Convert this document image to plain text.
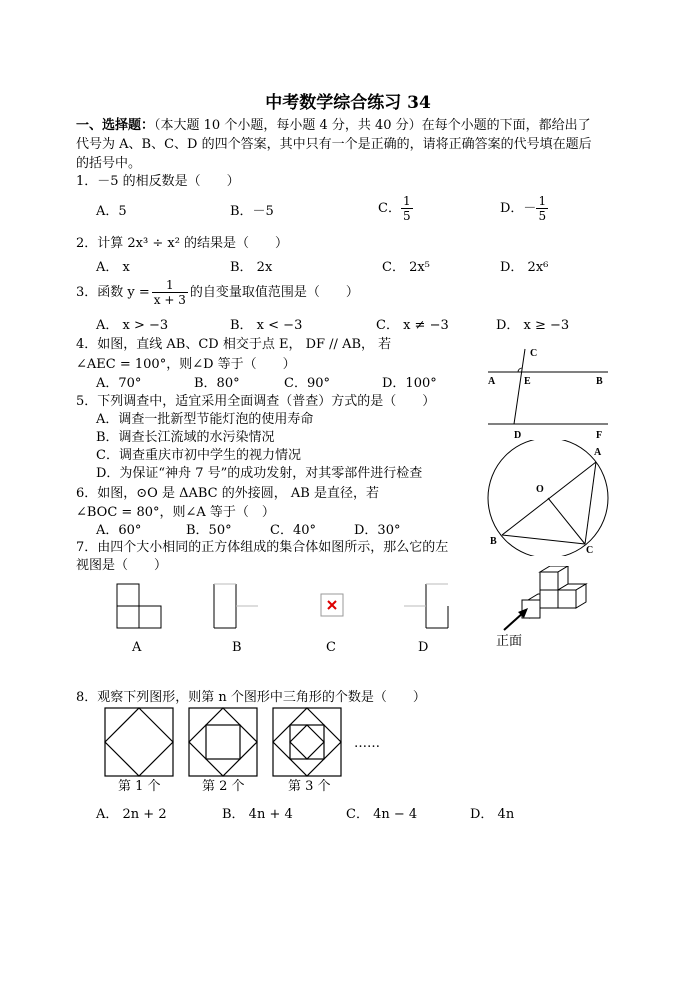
中考数学综合练习 34
一、选择题：（本大题 10 个小题，每小题 4 分，共 40 分）在每个小题的下面，都给出了
代号为 A、B、C、D 的四个答案，其中只有一个是正确的，请将正确答案的代号填在题后
的括号中。
1．－5 的相反数是（　　）
A．5	B．－5	C． $\frac{1}{5}$	D．－ $\frac{1}{5}$
2．计算 2x³ ÷ x² 的结果是（　　）
A． x	B． 2x	C． 2x⁵	D． 2x⁶
3．函数 $y = \frac{1}{x + 3}$ 的自变量取值范围是（　　）
A． x > −3	B． x < −3	C． x ≠ −3	D． x ≥ −3
4．如图，直线 AB、CD 相交于点 E， DF // AB， 若
∠AEC = 100°，则∠D 等于（　　）
A．70°	B．80°	C．90°	D．100°
C
A	E	B
D	F
5．下列调查中，适宜采用全面调查（普查）方式的是（　　）
A．调查一批新型节能灯泡的使用寿命
B．调查长江流域的水污染情况
C．调查重庆市初中学生的视力情况
D．为保证“神舟 7 号”的成功发射，对其零部件进行检查
6．如图，⊙O 是 ΔABC 的外接圆， AB 是直径，若
∠BOC = 80°，则∠A 等于（　）
A．60°	B．50°	C．40°	D．30°
A
O
B
C
7．由四个大小相同的正方体组成的集合体如图所示，那么它的左
视图是（　　）
A	B	C	D	正面
8．观察下列图形，则第 n 个图形中三角形的个数是（　　）
第 1 个	第 2 个	第 3 个
……
A． 2n + 2	B． 4n + 4	C． 4n − 4	D． 4n
